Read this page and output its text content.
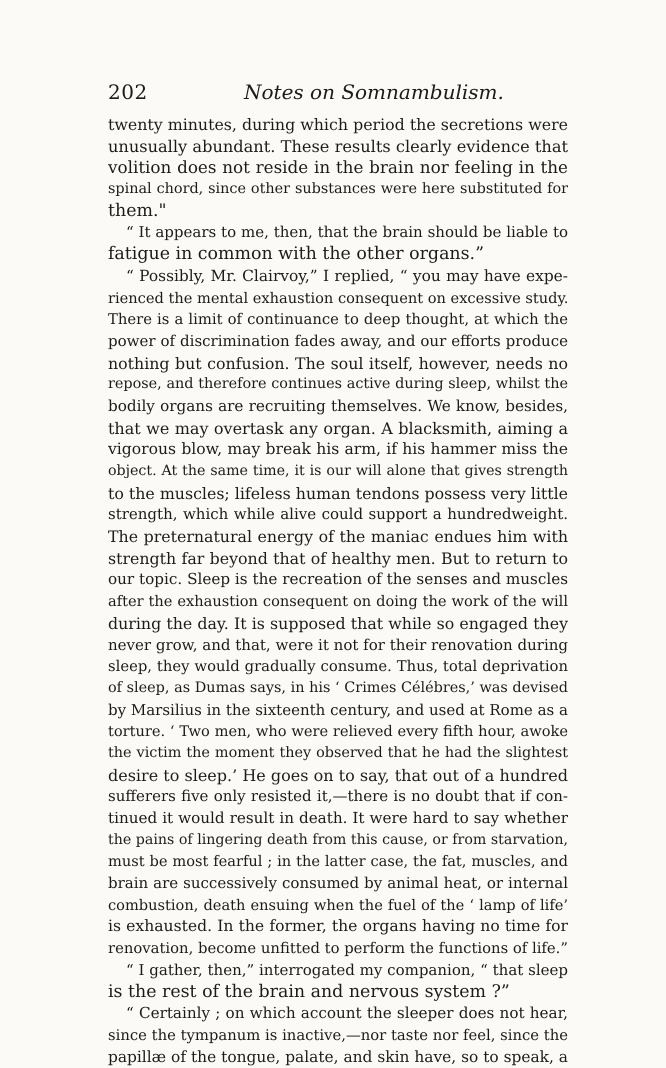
202	Notes on Somnambulism.
twenty minutes, during which period the secretions were
unusually abundant. These results clearly evidence that
volition does not reside in the brain nor feeling in the
spinal chord, since other substances were here substituted for
them."
“ It appears to me, then, that the brain should be liable to
fatigue in common with the other organs.”
“ Possibly, Mr. Clairvoy,” I replied, “ you may have expe-
rienced the mental exhaustion consequent on excessive study.
There is a limit of continuance to deep thought, at which the
power of discrimination fades away, and our efforts produce
nothing but confusion. The soul itself, however, needs no
repose, and therefore continues active during sleep, whilst the
bodily organs are recruiting themselves. We know, besides,
that we may overtask any organ. A blacksmith, aiming a
vigorous blow, may break his arm, if his hammer miss the
object. At the same time, it is our will alone that gives strength
to the muscles; lifeless human tendons possess very little
strength, which while alive could support a hundredweight.
The preternatural energy of the maniac endues him with
strength far beyond that of healthy men. But to return to
our topic. Sleep is the recreation of the senses and muscles
after the exhaustion consequent on doing the work of the will
during the day. It is supposed that while so engaged they
never grow, and that, were it not for their renovation during
sleep, they would gradually consume. Thus, total deprivation
of sleep, as Dumas says, in his ‘ Crimes Célébres,’ was devised
by Marsilius in the sixteenth century, and used at Rome as a
torture. ‘ Two men, who were relieved every fifth hour, awoke
the victim the moment they observed that he had the slightest
desire to sleep.’ He goes on to say, that out of a hundred
sufferers five only resisted it,—there is no doubt that if con-
tinued it would result in death. It were hard to say whether
the pains of lingering death from this cause, or from starvation,
must be most fearful ; in the latter case, the fat, muscles, and
brain are successively consumed by animal heat, or internal
combustion, death ensuing when the fuel of the ‘ lamp of life’
is exhausted. In the former, the organs having no time for
renovation, become unfitted to perform the functions of life.”
“ I gather, then,” interrogated my companion, “ that sleep
is the rest of the brain and nervous system ?”
“ Certainly ; on which account the sleeper does not hear,
since the tympanum is inactive,—nor taste nor feel, since the
papillæ of the tongue, palate, and skin have, so to speak, a
